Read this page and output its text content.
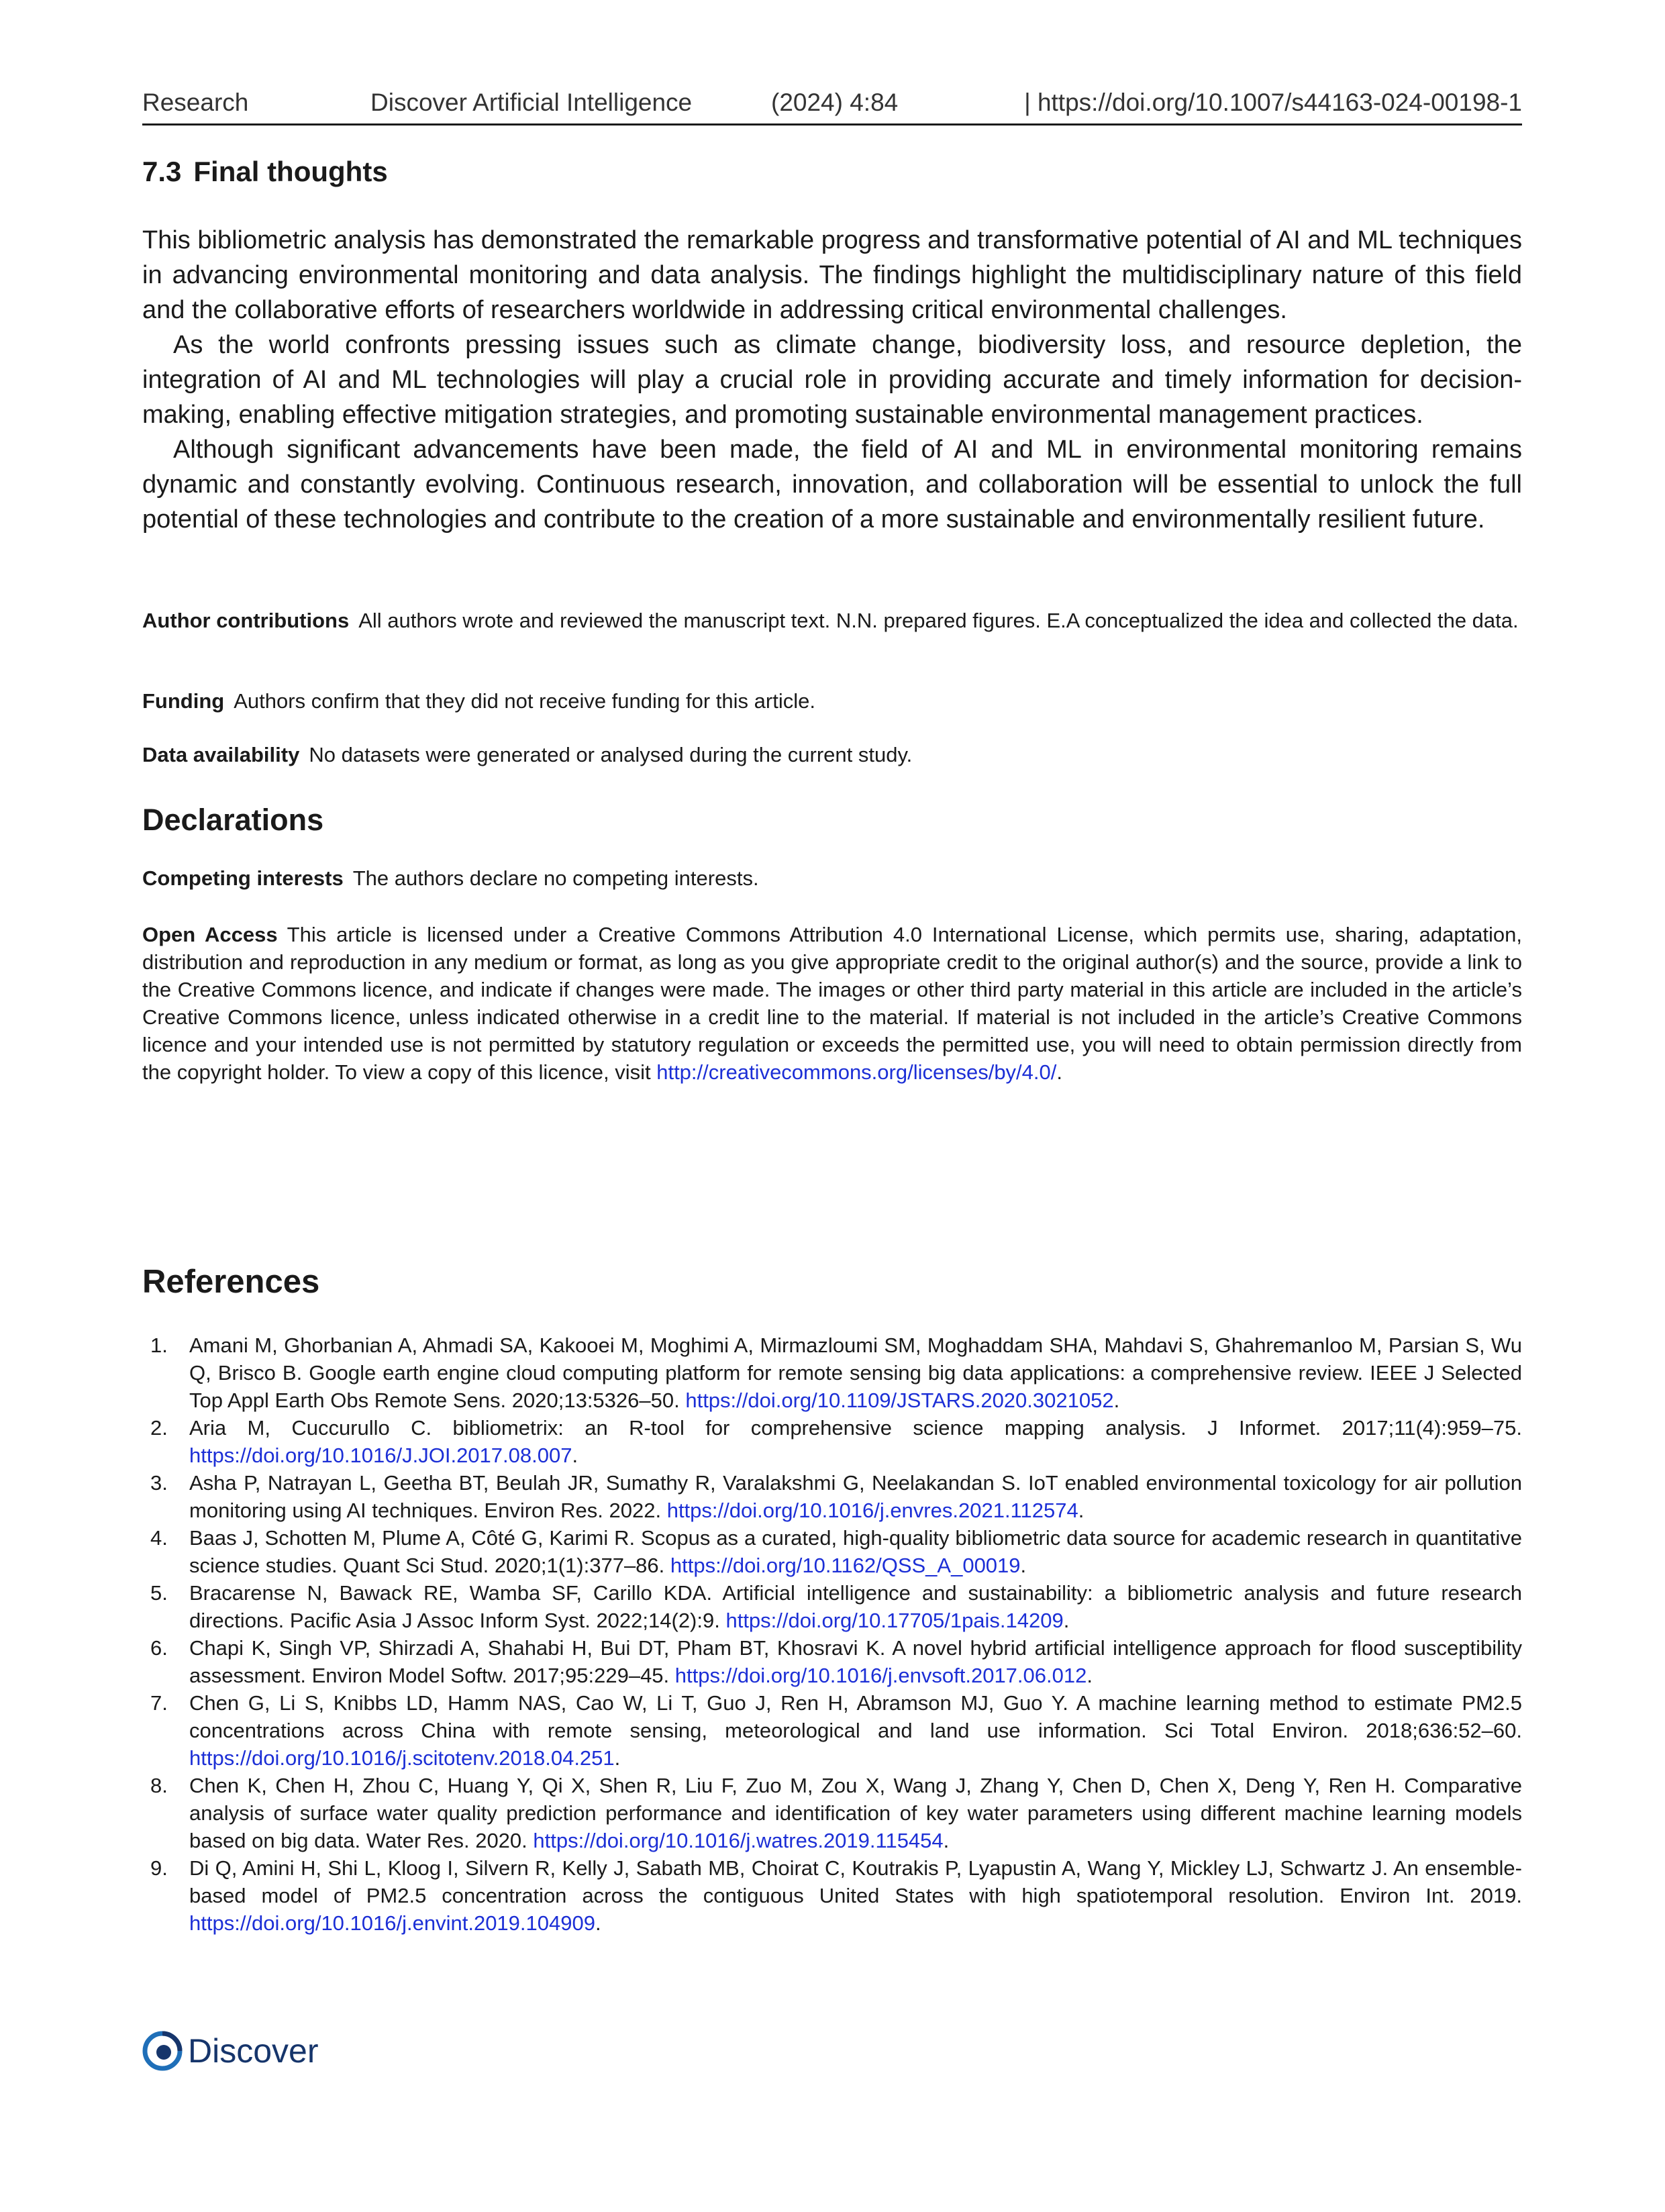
Research	Discover Artificial Intelligence	(2024) 4:84	| https://doi.org/10.1007/s44163-024-00198-1
7.3 Final thoughts

This bibliometric analysis has demonstrated the remarkable progress and transformative potential of AI and ML techniques in advancing environmental monitoring and data analysis. The findings highlight the multidisciplinary nature of this field and the collaborative efforts of researchers worldwide in addressing critical environmental challenges.

As the world confronts pressing issues such as climate change, biodiversity loss, and resource depletion, the integration of AI and ML technologies will play a crucial role in providing accurate and timely information for decision-making, enabling effective mitigation strategies, and promoting sustainable environmental management practices.

Although significant advancements have been made, the field of AI and ML in environmental monitoring remains dynamic and constantly evolving. Continuous research, innovation, and collaboration will be essential to unlock the full potential of these technologies and contribute to the creation of a more sustainable and environmentally resilient future.

Author contributions All authors wrote and reviewed the manuscript text. N.N. prepared figures. E.A conceptualized the idea and collected the data.

Funding Authors confirm that they did not receive funding for this article.

Data availability No datasets were generated or analysed during the current study.

Declarations

Competing interests The authors declare no competing interests.

Open Access This article is licensed under a Creative Commons Attribution 4.0 International License, which permits use, sharing, adaptation, distribution and reproduction in any medium or format, as long as you give appropriate credit to the original author(s) and the source, provide a link to the Creative Commons licence, and indicate if changes were made. The images or other third party material in this article are included in the article’s Creative Commons licence, unless indicated otherwise in a credit line to the material. If material is not included in the article’s Creative Commons licence and your intended use is not permitted by statutory regulation or exceeds the permitted use, you will need to obtain permission directly from the copyright holder. To view a copy of this licence, visit http://creativecommons.org/licenses/by/4.0/.

References
1. Amani M, Ghorbanian A, Ahmadi SA, Kakooei M, Moghimi A, Mirmazloumi SM, Moghaddam SHA, Mahdavi S, Ghahremanloo M, Parsian S, Wu Q, Brisco B. Google earth engine cloud computing platform for remote sensing big data applications: a comprehensive review. IEEE J Selected Top Appl Earth Obs Remote Sens. 2020;13:5326–50. https://doi.org/10.1109/JSTARS.2020.3021052.
2. Aria M, Cuccurullo C. bibliometrix: an R-tool for comprehensive science mapping analysis. J Informet. 2017;11(4):959–75. https://doi.org/10.1016/J.JOI.2017.08.007.
3. Asha P, Natrayan L, Geetha BT, Beulah JR, Sumathy R, Varalakshmi G, Neelakandan S. IoT enabled environmental toxicology for air pollution monitoring using AI techniques. Environ Res. 2022. https://doi.org/10.1016/j.envres.2021.112574.
4. Baas J, Schotten M, Plume A, Côté G, Karimi R. Scopus as a curated, high-quality bibliometric data source for academic research in quantitative science studies. Quant Sci Stud. 2020;1(1):377–86. https://doi.org/10.1162/QSS_A_00019.
5. Bracarense N, Bawack RE, Wamba SF, Carillo KDA. Artificial intelligence and sustainability: a bibliometric analysis and future research directions. Pacific Asia J Assoc Inform Syst. 2022;14(2):9. https://doi.org/10.17705/1pais.14209.
6. Chapi K, Singh VP, Shirzadi A, Shahabi H, Bui DT, Pham BT, Khosravi K. A novel hybrid artificial intelligence approach for flood susceptibility assessment. Environ Model Softw. 2017;95:229–45. https://doi.org/10.1016/j.envsoft.2017.06.012.
7. Chen G, Li S, Knibbs LD, Hamm NAS, Cao W, Li T, Guo J, Ren H, Abramson MJ, Guo Y. A machine learning method to estimate PM2.5 concentrations across China with remote sensing, meteorological and land use information. Sci Total Environ. 2018;636:52–60. https://doi.org/10.1016/j.scitotenv.2018.04.251.
8. Chen K, Chen H, Zhou C, Huang Y, Qi X, Shen R, Liu F, Zuo M, Zou X, Wang J, Zhang Y, Chen D, Chen X, Deng Y, Ren H. Comparative analysis of surface water quality prediction performance and identification of key water parameters using different machine learning models based on big data. Water Res. 2020. https://doi.org/10.1016/j.watres.2019.115454.
9. Di Q, Amini H, Shi L, Kloog I, Silvern R, Kelly J, Sabath MB, Choirat C, Koutrakis P, Lyapustin A, Wang Y, Mickley LJ, Schwartz J. An ensemble-based model of PM2.5 concentration across the contiguous United States with high spatiotemporal resolution. Environ Int. 2019. https://doi.org/10.1016/j.envint.2019.104909.
Discover
